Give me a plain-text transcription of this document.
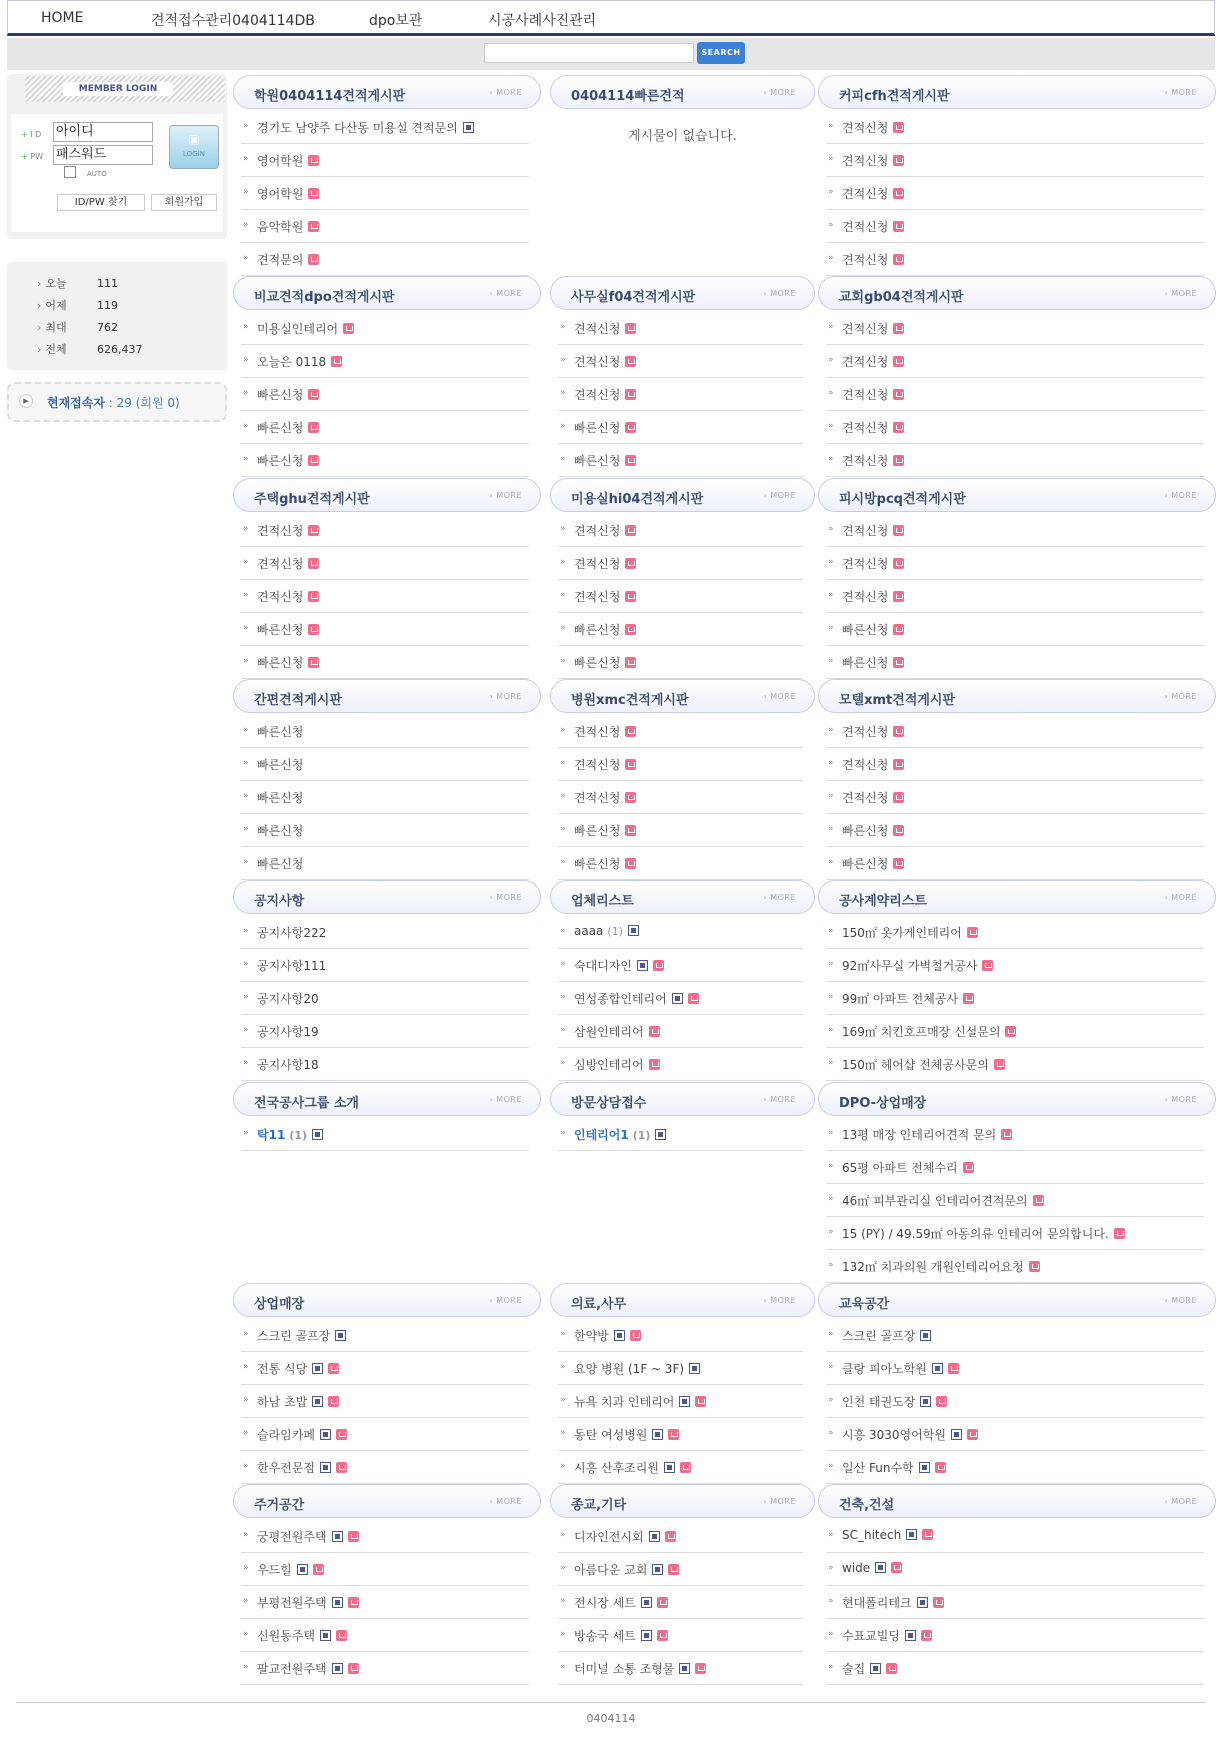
HOME	견적접수관리0404114DB	dpo보관	시공사례사진관리
SEARCH
MEMBER LOGIN
+ I D 아이디
+ PW 패스워드
▣
LOGIN
AUTO
ID/PW 찾기	회원가입
› 오늘	111
› 어제	119
› 최대	762
› 전체	626,437
▶	현재접속자 : 29 (회원 0)
학원0404114견적게시판	› MORE
» 경기도 남양주 다산동 미용실 견적문의
» 영어학원
» 영어학원
» 음악학원
» 견적문의
0404114빠른견적	› MORE
게시물이 없습니다.
커피cfh견적게시판	› MORE
» 견적신청
» 견적신청
» 견적신청
» 견적신청
» 견적신청
비교견적dpo견적게시판	› MORE
» 미용실인테리어
» 오늘은 0118
» 빠른신청
» 빠른신청
» 빠른신청
사무실f04견적게시판	› MORE
» 견적신청
» 견적신청
» 견적신청
» 빠른신청
» 빠른신청
교회gb04견적게시판	› MORE
» 견적신청
» 견적신청
» 견적신청
» 견적신청
» 견적신청
주택ghu견적게시판	› MORE
» 견적신청
» 견적신청
» 견적신청
» 빠른신청
» 빠른신청
미용실hi04견적게시판	› MORE
» 견적신청
» 견적신청
» 견적신청
» 빠른신청
» 빠른신청
피시방pcq견적게시판	› MORE
» 견적신청
» 견적신청
» 견적신청
» 빠른신청
» 빠른신청
간편견적게시판	› MORE
» 빠른신청
» 빠른신청
» 빠른신청
» 빠른신청
» 빠른신청
병원xmc견적게시판	› MORE
» 견적신청
» 견적신청
» 견적신청
» 빠른신청
» 빠른신청
모텔xmt견적게시판	› MORE
» 견적신청
» 견적신청
» 견적신청
» 빠른신청
» 빠른신청
공지사항	› MORE
» 공지사항222
» 공지사항111
» 공지사항20
» 공지사항19
» 공지사항18
업체리스트	› MORE
» aaaa (1)
» 숙대디자인
» 연성종합인테리어
» 삼원인테리어
» 심방인테리어
공사계약리스트	› MORE
» 150㎡ 옷가게인테리어
» 92㎡사무실 가벽철거공사
» 99㎡ 아파트 전체공사
» 169㎡ 치킨호프매장 신설문의
» 150㎡ 헤어샵 전체공사문의
전국공사그룹 소개	› MORE
» 탁11 (1)
방문상담접수	› MORE
» 인테리어1 (1)
DPO-상업매장	› MORE
» 13평 매장 인테리어견적 문의
» 65평 아파트 전체수리
» 46㎡ 피부관리실 인테리어견적문의
» 15 (PY) / 49.59㎡ 아동의류 인테리어 문의합니다.
» 132㎡ 치과의원 개원인테리어요청
상업매장	› MORE
» 스크린 골프장
» 전통 식당
» 하남 초밥
» 슬라임카페
» 한우전문점
의료,사무	› MORE
» 한약방
» 요양 병원 (1F ~ 3F)
» 뉴욕 치과 인테리어
» 동탄 여성병원
» 시흥 산후조리원
교육공간	› MORE
» 스크린 골프장
» 클랑 피아노학원
» 인천 태권도장
» 시흥 3030영어학원
» 일산 Fun수학
주거공간	› MORE
» 궁평전원주택
» 우드힐
» 부평전원주택
» 신원동주택
» 팔교전원주택
종교,기타	› MORE
» 디자인전시회
» 아름다운 교회
» 전시장 세트
» 방송국 세트
» 터미널 소통 조형물
건축,건설	› MORE
» SC_hitech
» wide
» 현대폴리테크
» 수표교빌딩
» 술집
0404114
